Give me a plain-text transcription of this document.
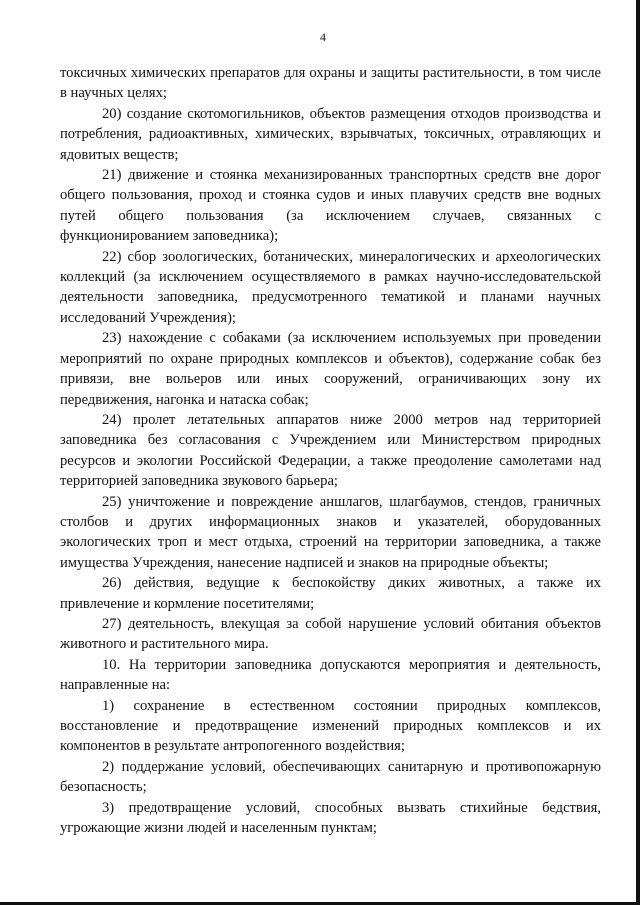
4

токсичных химических препаратов для охраны и защиты растительности, в том числе в научных целях;

20) создание скотомогильников, объектов размещения отходов производства и потребления, радиоактивных, химических, взрывчатых, токсичных, отравляющих и ядовитых веществ;

21) движение и стоянка механизированных транспортных средств вне дорог общего пользования, проход и стоянка судов и иных плавучих средств вне водных путей общего пользования (за исключением случаев, связанных с функционированием заповедника);

22) сбор зоологических, ботанических, минералогических и археологических коллекций (за исключением осуществляемого в рамках научно-исследовательской деятельности заповедника, предусмотренного тематикой и планами научных исследований Учреждения);

23) нахождение с собаками (за исключением используемых при проведении мероприятий по охране природных комплексов и объектов), содержание собак без привязи, вне вольеров или иных сооружений, ограничивающих зону их передвижения, нагонка и натаска собак;

24) пролет летательных аппаратов ниже 2000 метров над территорией заповедника без согласования с Учреждением или Министерством природных ресурсов и экологии Российской Федерации, а также преодоление самолетами над территорией заповедника звукового барьера;

25) уничтожение и повреждение аншлагов, шлагбаумов, стендов, граничных столбов и других информационных знаков и указателей, оборудованных экологических троп и мест отдыха, строений на территории заповедника, а также имущества Учреждения, нанесение надписей и знаков на природные объекты;

26) действия, ведущие к беспокойству диких животных, а также их привлечение и кормление посетителями;

27) деятельность, влекущая за собой нарушение условий обитания объектов животного и растительного мира.

10. На территории заповедника допускаются мероприятия и деятельность, направленные на:

1) сохранение в естественном состоянии природных комплексов, восстановление и предотвращение изменений природных комплексов и их компонентов в результате антропогенного воздействия;

2) поддержание условий, обеспечивающих санитарную и противопожарную безопасность;

3) предотвращение условий, способных вызвать стихийные бедствия, угрожающие жизни людей и населенным пунктам;
